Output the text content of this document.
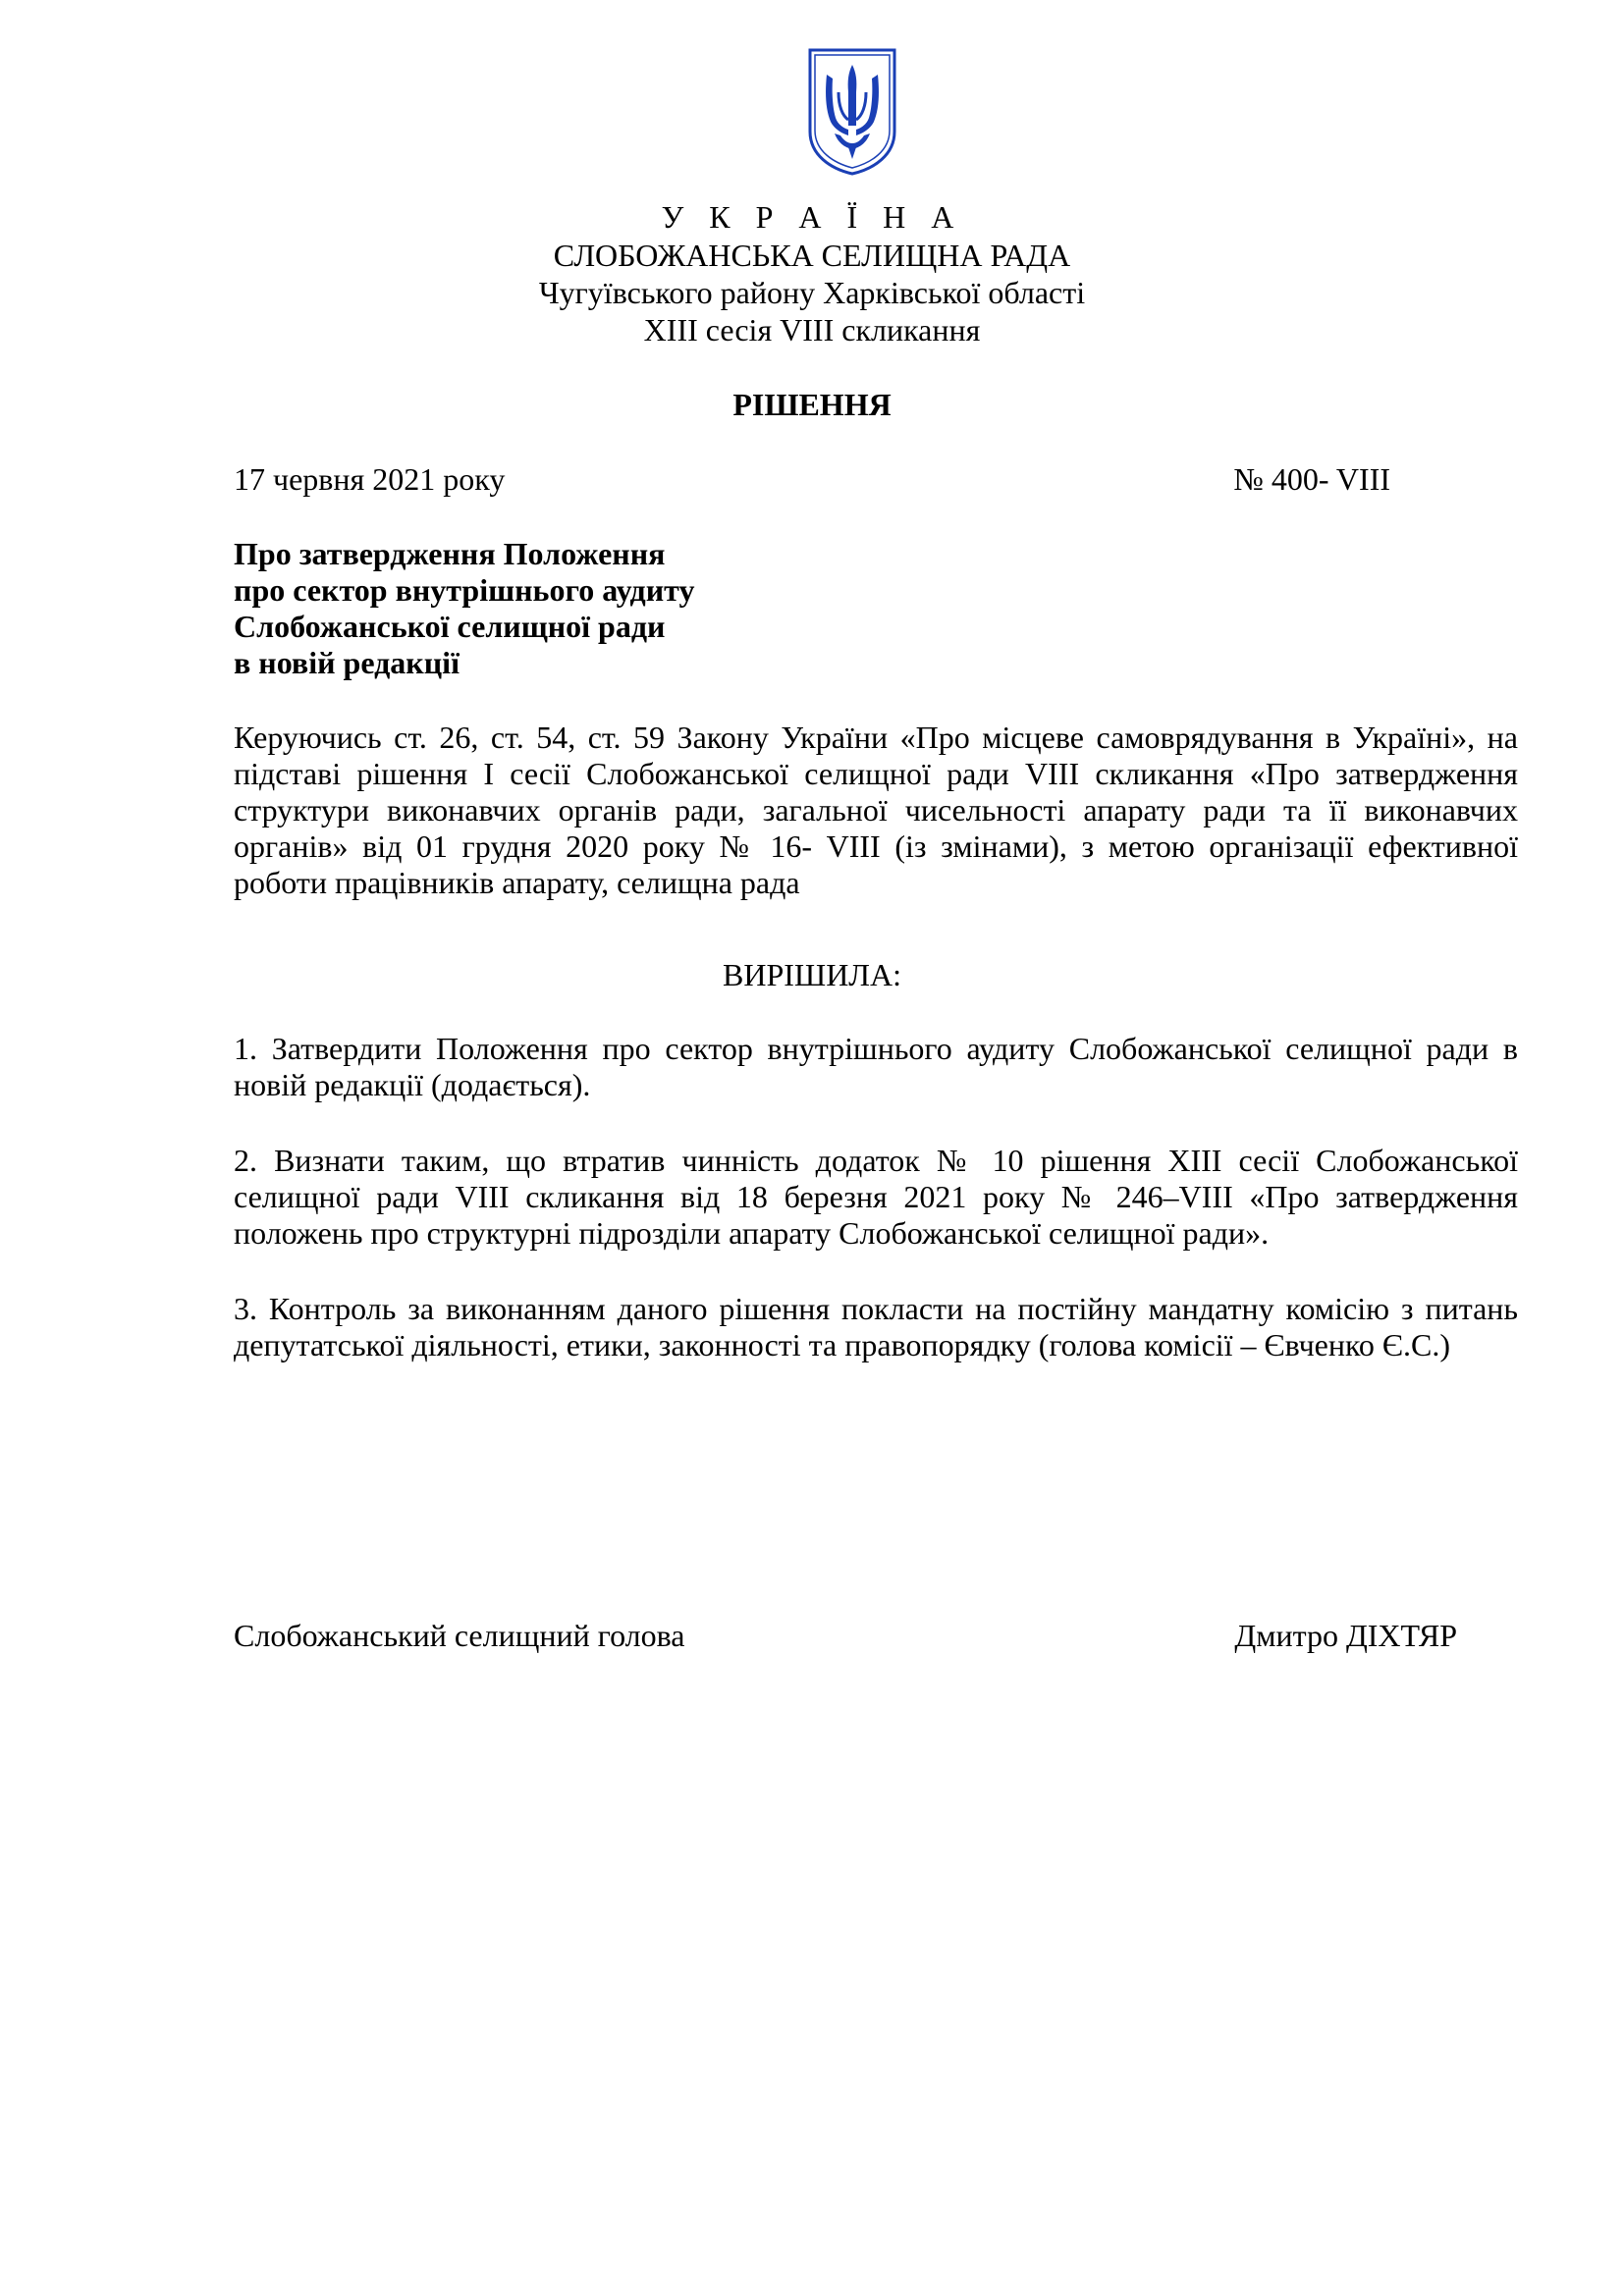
У К Р А Ї Н А
СЛОБОЖАНСЬКА СЕЛИЩНА РАДА
Чугуївського району Харківської області
ХІІІ сесія VІІІ скликання
РІШЕННЯ
17 червня 2021 року	№ 400- VІІІ
Про затвердження Положення
про сектор внутрішнього аудиту
Слобожанської селищної ради
в новій редакції
Керуючись ст. 26, ст. 54, ст. 59 Закону України «Про місцеве самоврядування в Україні», на підставі рішення І сесії Слобожанської селищної ради VІІІ скликання «Про затвердження структури виконавчих органів ради, загальної чисельності апарату ради та її виконавчих органів» від 01 грудня 2020 року № 16- VІІІ (із змінами), з метою організації ефективної роботи працівників апарату, селищна рада
ВИРІШИЛА:
1. Затвердити Положення про сектор внутрішнього аудиту Слобожанської селищної ради в новій редакції (додається).
2. Визнати таким, що втратив чинність додаток № 10 рішення ХІІІ сесії Слобожанської селищної ради VІІІ скликання від 18 березня 2021 року № 246–VІІІ «Про затвердження положень про структурні підрозділи апарату Слобожанської селищної ради».
3. Контроль за виконанням даного рішення покласти на постійну мандатну комісію з питань депутатської діяльності, етики, законності та правопорядку (голова комісії – Євченко Є.С.)
Слобожанський селищний голова	Дмитро ДІХТЯР
